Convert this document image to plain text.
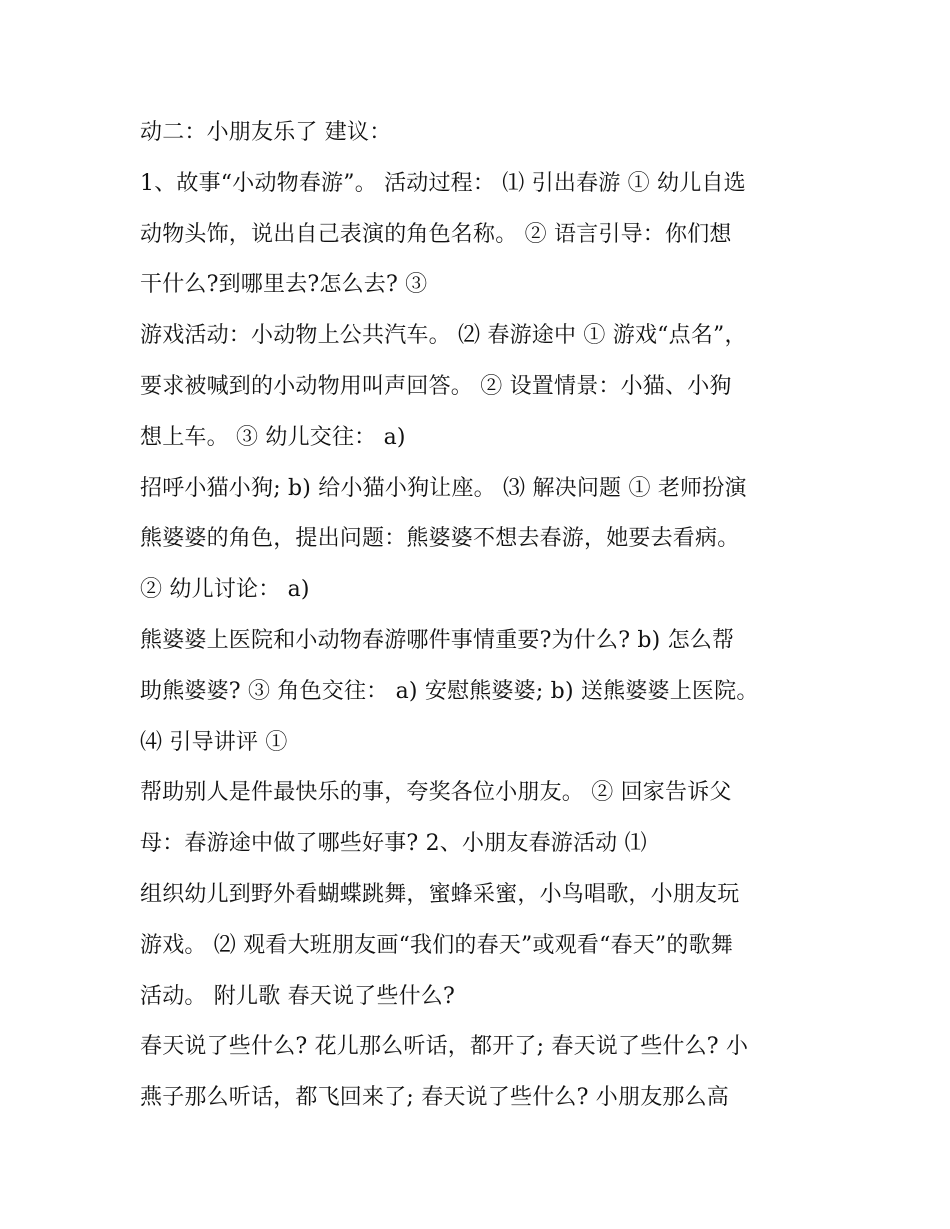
动二：小朋友乐了 建议：
1、故事“小动物春游”。 活动过程： ⑴ 引出春游 ① 幼儿自选
动物头饰，说出自己表演的角色名称。 ② 语言引导：你们想
干什么?到哪里去?怎么去? ③
游戏活动：小动物上公共汽车。 ⑵ 春游途中 ① 游戏“点名”，
要求被喊到的小动物用叫声回答。 ② 设置情景：小猫、小狗
想上车。 ③ 幼儿交往： a)
招呼小猫小狗; b) 给小猫小狗让座。 ⑶ 解决问题 ① 老师扮演
熊婆婆的角色，提出问题：熊婆婆不想去春游，她要去看病。
② 幼儿讨论： a)
熊婆婆上医院和小动物春游哪件事情重要?为什么? b) 怎么帮
助熊婆婆? ③ 角色交往： a) 安慰熊婆婆; b) 送熊婆婆上医院。
⑷ 引导讲评 ①
帮助别人是件最快乐的事，夸奖各位小朋友。 ② 回家告诉父
母：春游途中做了哪些好事? 2、小朋友春游活动 ⑴
组织幼儿到野外看蝴蝶跳舞，蜜蜂采蜜，小鸟唱歌，小朋友玩
游戏。 ⑵ 观看大班朋友画“我们的春天”或观看“春天”的歌舞
活动。 附儿歌 春天说了些什么?
春天说了些什么? 花儿那么听话，都开了; 春天说了些什么? 小
燕子那么听话，都飞回来了; 春天说了些什么? 小朋友那么高
